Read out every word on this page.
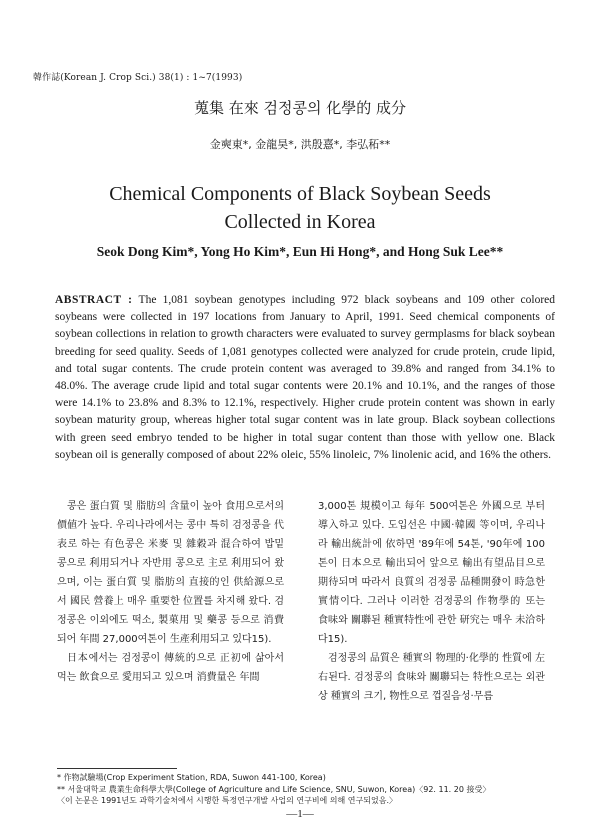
韓作誌(Korean J. Crop Sci.) 38(1) : 1~7(1993)
蒐集 在來 검정콩의 化學的 成分
金奭東*, 金龍昊*, 洪殷憙*, 李弘䄷**
Chemical Components of Black Soybean Seeds
Collected in Korea
Seok Dong Kim*, Yong Ho Kim*, Eun Hi Hong*, and Hong Suk Lee**
ABSTRACT : The 1,081 soybean genotypes including 972 black soybeans and 109 other colored soybeans were collected in 197 locations from January to April, 1991. Seed chemical components of soybean collections in relation to growth characters were evaluated to survey germplasms for black soybean breeding for seed quality. Seeds of 1,081 genotypes collected were analyzed for crude protein, crude lipid, and total sugar contents. The crude protein content was averaged to 39.8% and ranged from 34.1% to 48.0%. The average crude lipid and total sugar contents were 20.1% and 10.1%, and the ranges of those were 14.1% to 23.8% and 8.3% to 12.1%, respectively. Higher crude protein content was shown in early soybean maturity group, whereas higher total sugar content was in late group. Black soybean collections with green seed embryo tended to be higher in total sugar content than those with yellow one. Black soybean oil is generally composed of about 22% oleic, 55% linoleic, 7% linolenic acid, and 16% the others.

콩은 蛋白質 및 脂肪의 含量이 높아 食用으로서의 價値가 높다. 우리나라에서는 콩中 특히 검정콩을 代表로 하는 有色콩은 米麥 및 雜穀과 混合하여 밥밑콩으로 利用되거나 자반用 콩으로 主로 利用되어 왔으며, 이는 蛋白質 및 脂肪의 直接的인 供給源으로서 國民 營養上 매우 重要한 位置를 차지해 왔다. 검정콩은 이외에도 떡소, 製菓用 및 藥콩 등으로 消費되어 年間 27,000여톤이 生產利用되고 있다15).

日本에서는 검정콩이 傳統的으로 正初에 삶아서 먹는 飲食으로 愛用되고 있으며 消費量은 年間

3,000톤 規模이고 每年 500여톤은 外國으로 부터 導入하고 있다. 도입선은 中國·韓國 等이며, 우리나라 輸出統計에 依하면 '89年에 54톤, '90年에 100톤이 日本으로 輸出되어 앞으로 輸出有望品目으로 期待되며 따라서 良質의 검정콩 品種開發이 時急한 實情이다. 그러나 이러한 검정콩의 作物學的 또는 食味와 關聯된 種實特性에 관한 研究는 매우 未洽하다15).

검정콩의 品質은 種實의 物理的·化學的 性質에 左右된다. 검정콩의 食味와 關聯되는 特性으로는 외관상 種實의 크기, 物性으로 껍질음성·무름

* 作物試驗場(Crop Experiment Station, RDA, Suwon 441-100, Korea)
** 서울대학교 農業生命科學大學(College of Agriculture and Life Science, SNU, Suwon, Korea)〈92. 11. 20 接受〉
〈이 논문은 1991년도 과학기술처에서 시행한 특정연구개발 사업의 연구비에 의해 연구되었음.〉
—1—
